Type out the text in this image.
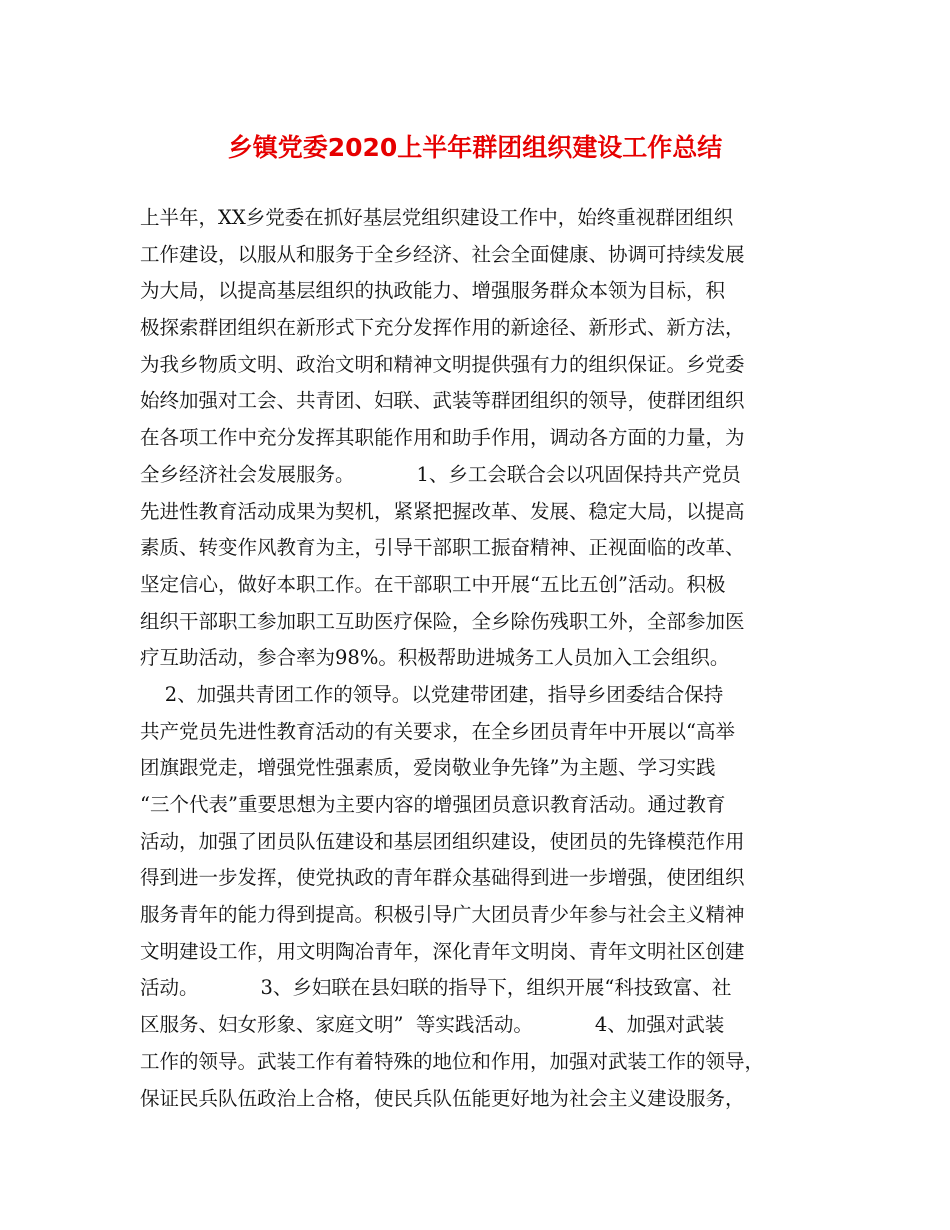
乡镇党委2020上半年群团组织建设工作总结

上半年，XX乡党委在抓好基层党组织建设工作中，始终重视群团组织

工作建设，以服从和服务于全乡经济、社会全面健康、协调可持续发展

为大局，以提高基层组织的执政能力、增强服务群众本领为目标，积

极探索群团组织在新形式下充分发挥作用的新途径、新形式、新方法，

为我乡物质文明、政治文明和精神文明提供强有力的组织保证。乡党委

始终加强对工会、共青团、妇联、武装等群团组织的领导，使群团组织

在各项工作中充分发挥其职能作用和助手作用，调动各方面的力量，为

全乡经济社会发展服务。          1、乡工会联合会以巩固保持共产党员

先进性教育活动成果为契机，紧紧把握改革、发展、稳定大局，以提高

素质、转变作风教育为主，引导干部职工振奋精神、正视面临的改革、

坚定信心，做好本职工作。在干部职工中开展“五比五创”活动。积极

组织干部职工参加职工互助医疗保险，全乡除伤残职工外，全部参加医

疗互助活动，参合率为98%。积极帮助进城务工人员加入工会组织。

2、加强共青团工作的领导。以党建带团建，指导乡团委结合保持

共产党员先进性教育活动的有关要求，在全乡团员青年中开展以“高举

团旗跟党走，增强党性强素质，爱岗敬业争先锋”为主题、学习实践

“三个代表”重要思想为主要内容的增强团员意识教育活动。通过教育

活动，加强了团员队伍建设和基层团组织建设，使团员的先锋模范作用

得到进一步发挥，使党执政的青年群众基础得到进一步增强，使团组织

服务青年的能力得到提高。积极引导广大团员青少年参与社会主义精神

文明建设工作，用文明陶冶青年，深化青年文明岗、青年文明社区创建

活动。          3、乡妇联在县妇联的指导下，组织开展“科技致富、社

区服务、妇女形象、家庭文明”  等实践活动。          4、加强对武装

工作的领导。武装工作有着特殊的地位和作用，加强对武装工作的领导，

保证民兵队伍政治上合格，使民兵队伍能更好地为社会主义建设服务，
